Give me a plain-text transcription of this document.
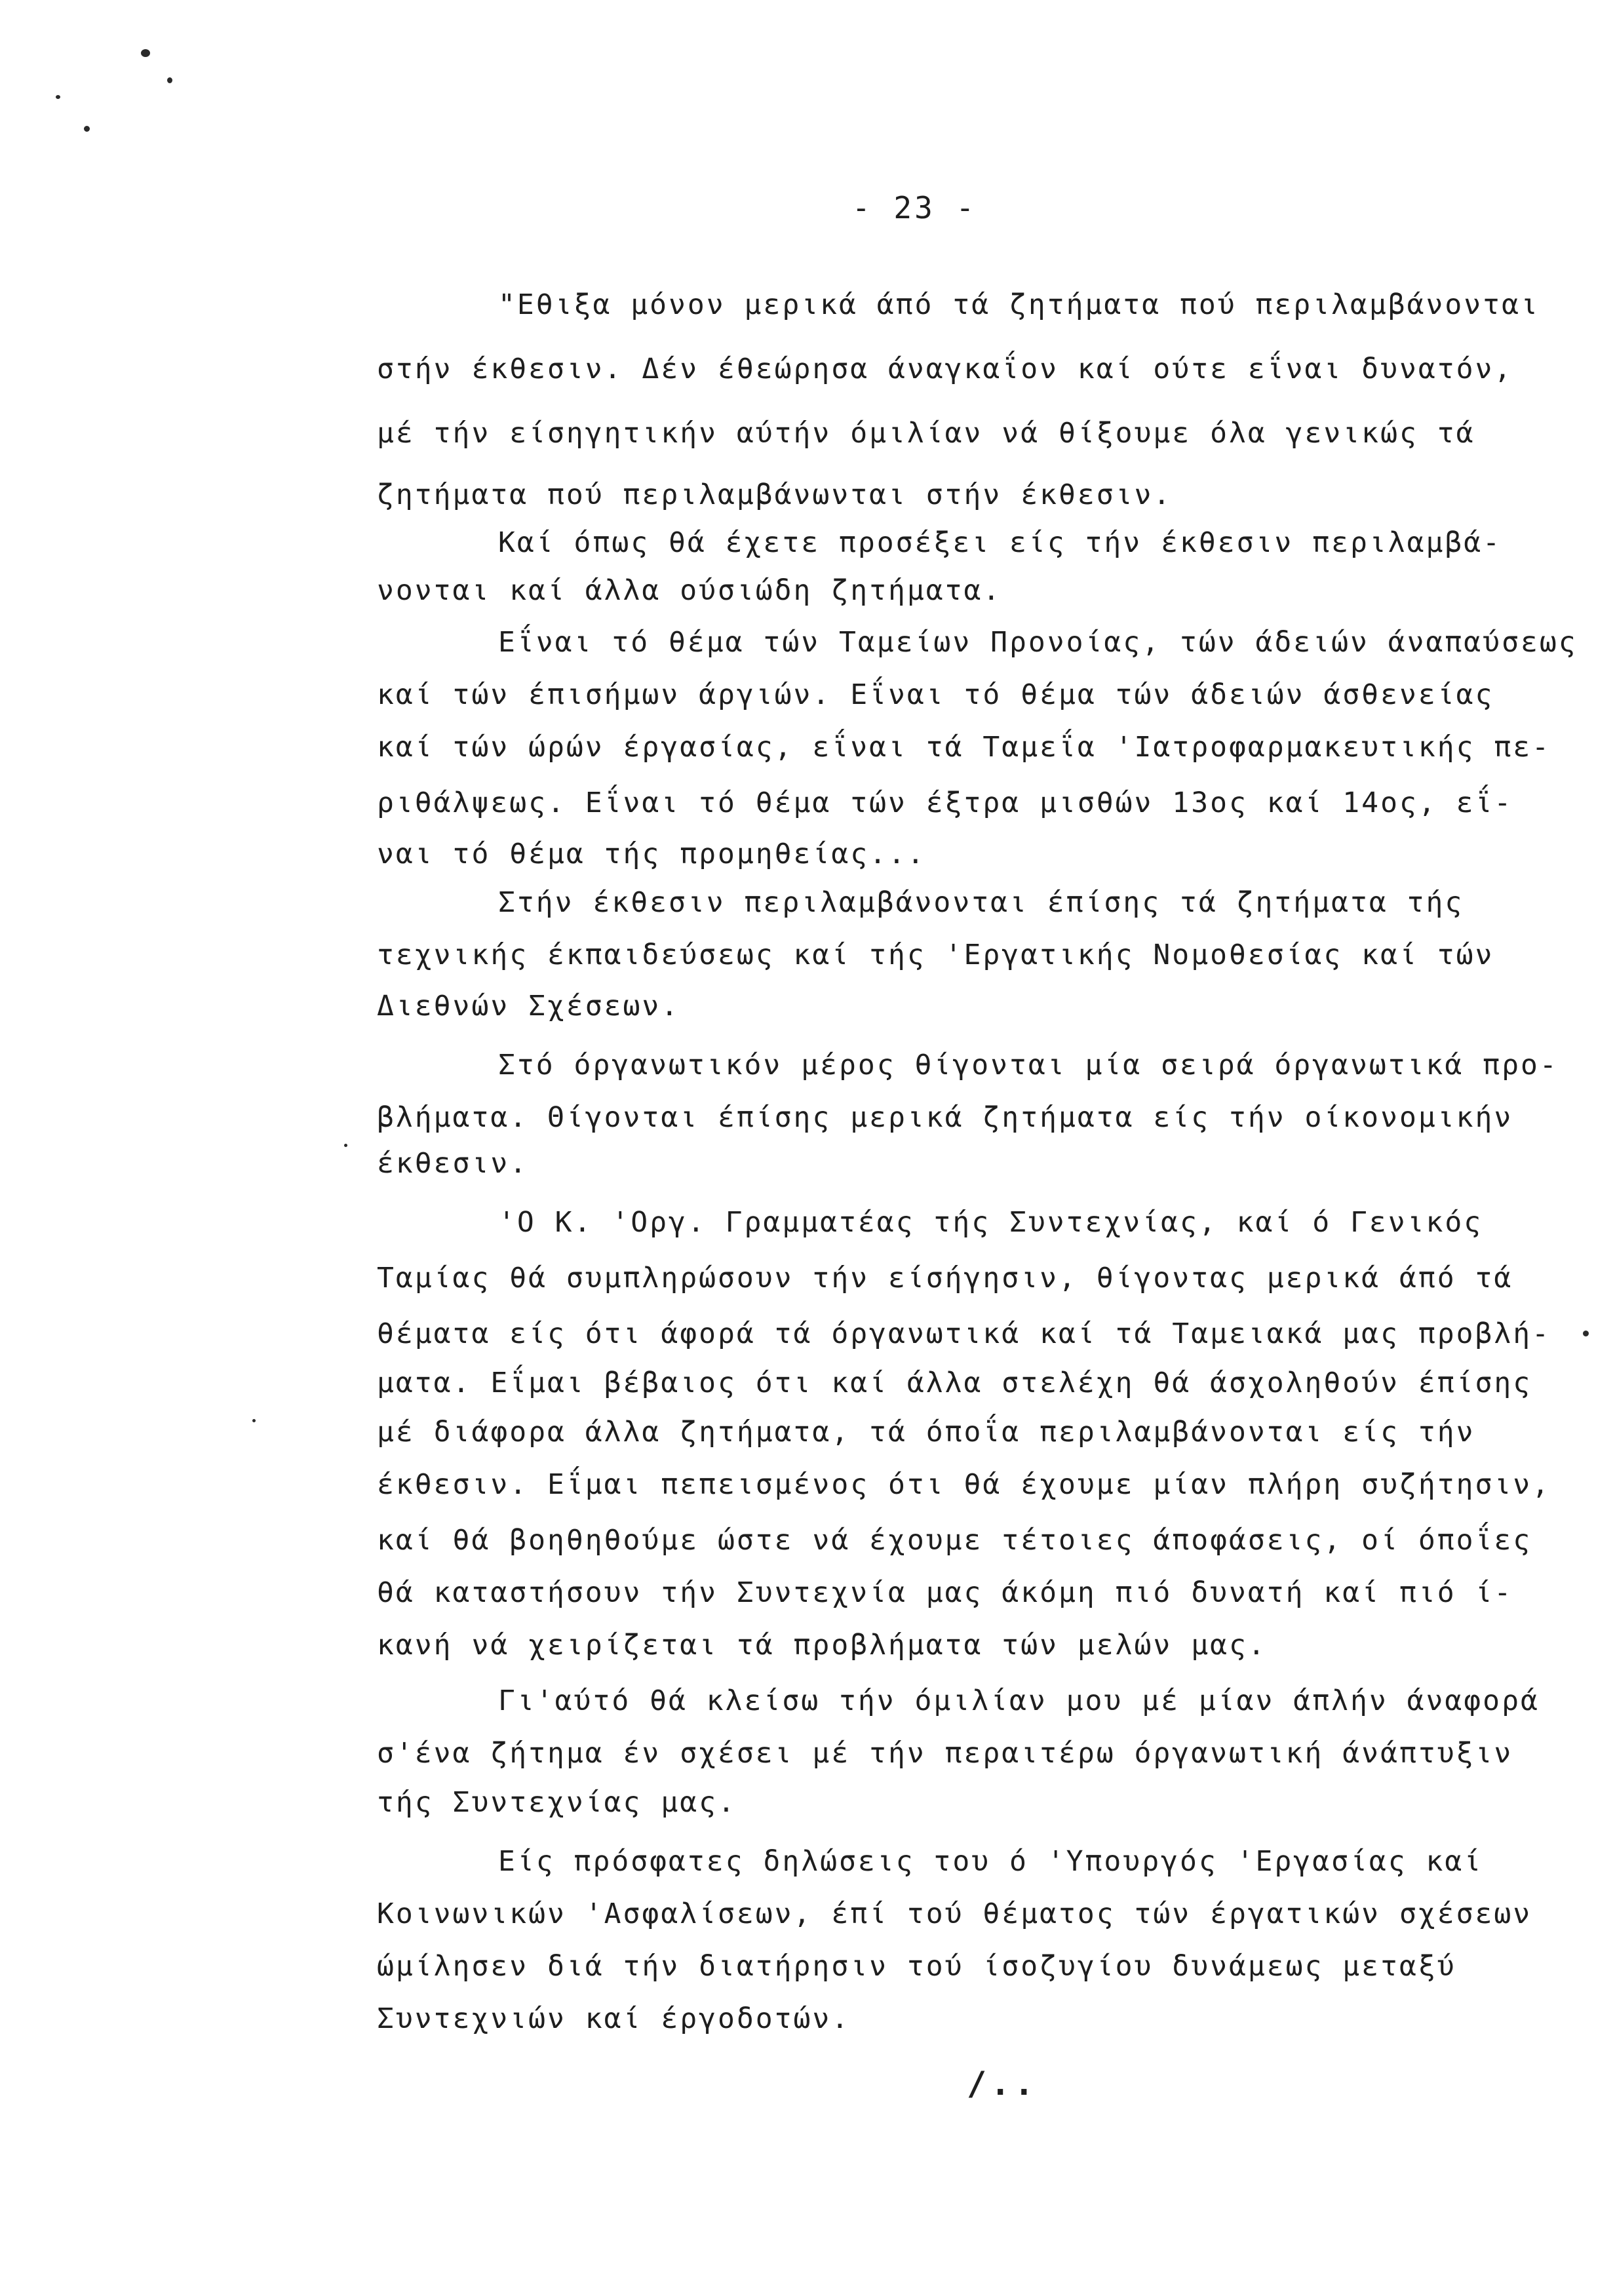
- 23 -
"Εθιξα μόνον μερικά άπό τά ζητήματα πού περιλαμβάνονται
στήν έκθεσιν. Δέν έθεώρησα άναγκαΐον καί ούτε εΐναι δυνατόν,
μέ τήν είσηγητικήν αύτήν όμιλίαν νά θίξουμε όλα γενικώς τά
ζητήματα πού περιλαμβάνωνται στήν έκθεσιν.
Καί όπως θά έχετε προσέξει είς τήν έκθεσιν περιλαμβά-
νονται καί άλλα ούσιώδη ζητήματα.
Εΐναι τό θέμα τών Ταμείων Προνοίας, τών άδειών άναπαύσεως
καί τών έπισήμων άργιών. Εΐναι τό θέμα τών άδειών άσθενείας
καί τών ώρών έργασίας, εΐναι τά Ταμεΐα 'Ιατροφαρμακευτικής πε-
ριθάλψεως. Εΐναι τό θέμα τών έξτρα μισθών 13ος καί 14ος, εΐ-
ναι τό θέμα τής προμηθείας...
Στήν έκθεσιν περιλαμβάνονται έπίσης τά ζητήματα τής
τεχνικής έκπαιδεύσεως καί τής 'Εργατικής Νομοθεσίας καί τών
Διεθνών Σχέσεων.
Στό όργανωτικόν μέρος θίγονται μία σειρά όργανωτικά προ-
βλήματα. Θίγονται έπίσης μερικά ζητήματα είς τήν οίκονομικήν
έκθεσιν.
'Ο Κ. 'Οργ. Γραμματέας τής Συντεχνίας, καί ό Γενικός
Ταμίας θά συμπληρώσουν τήν είσήγησιν, θίγοντας μερικά άπό τά
θέματα είς ότι άφορά τά όργανωτικά καί τά Ταμειακά μας προβλή-
ματα. Εΐμαι βέβαιος ότι καί άλλα στελέχη θά άσχοληθούν έπίσης
μέ διάφορα άλλα ζητήματα, τά όποΐα περιλαμβάνονται είς τήν
έκθεσιν. Εΐμαι πεπεισμένος ότι θά έχουμε μίαν πλήρη συζήτησιν,
καί θά βοηθηθούμε ώστε νά έχουμε τέτοιες άποφάσεις, οί όποΐες
θά καταστήσουν τήν Συντεχνία μας άκόμη πιό δυνατή καί πιό ί-
κανή νά χειρίζεται τά προβλήματα τών μελών μας.
Γι'αύτό θά κλείσω τήν όμιλίαν μου μέ μίαν άπλήν άναφορά
σ'ένα ζήτημα έν σχέσει μέ τήν περαιτέρω όργανωτική άνάπτυξιν
τής Συντεχνίας μας.
Είς πρόσφατες δηλώσεις του ό 'Υπουργός 'Εργασίας καί
Κοινωνικών 'Ασφαλίσεων, έπί τού θέματος τών έργατικών σχέσεων
ώμίλησεν διά τήν διατήρησιν τού ίσοζυγίου δυνάμεως μεταξύ
Συντεχνιών καί έργοδοτών.
/..
